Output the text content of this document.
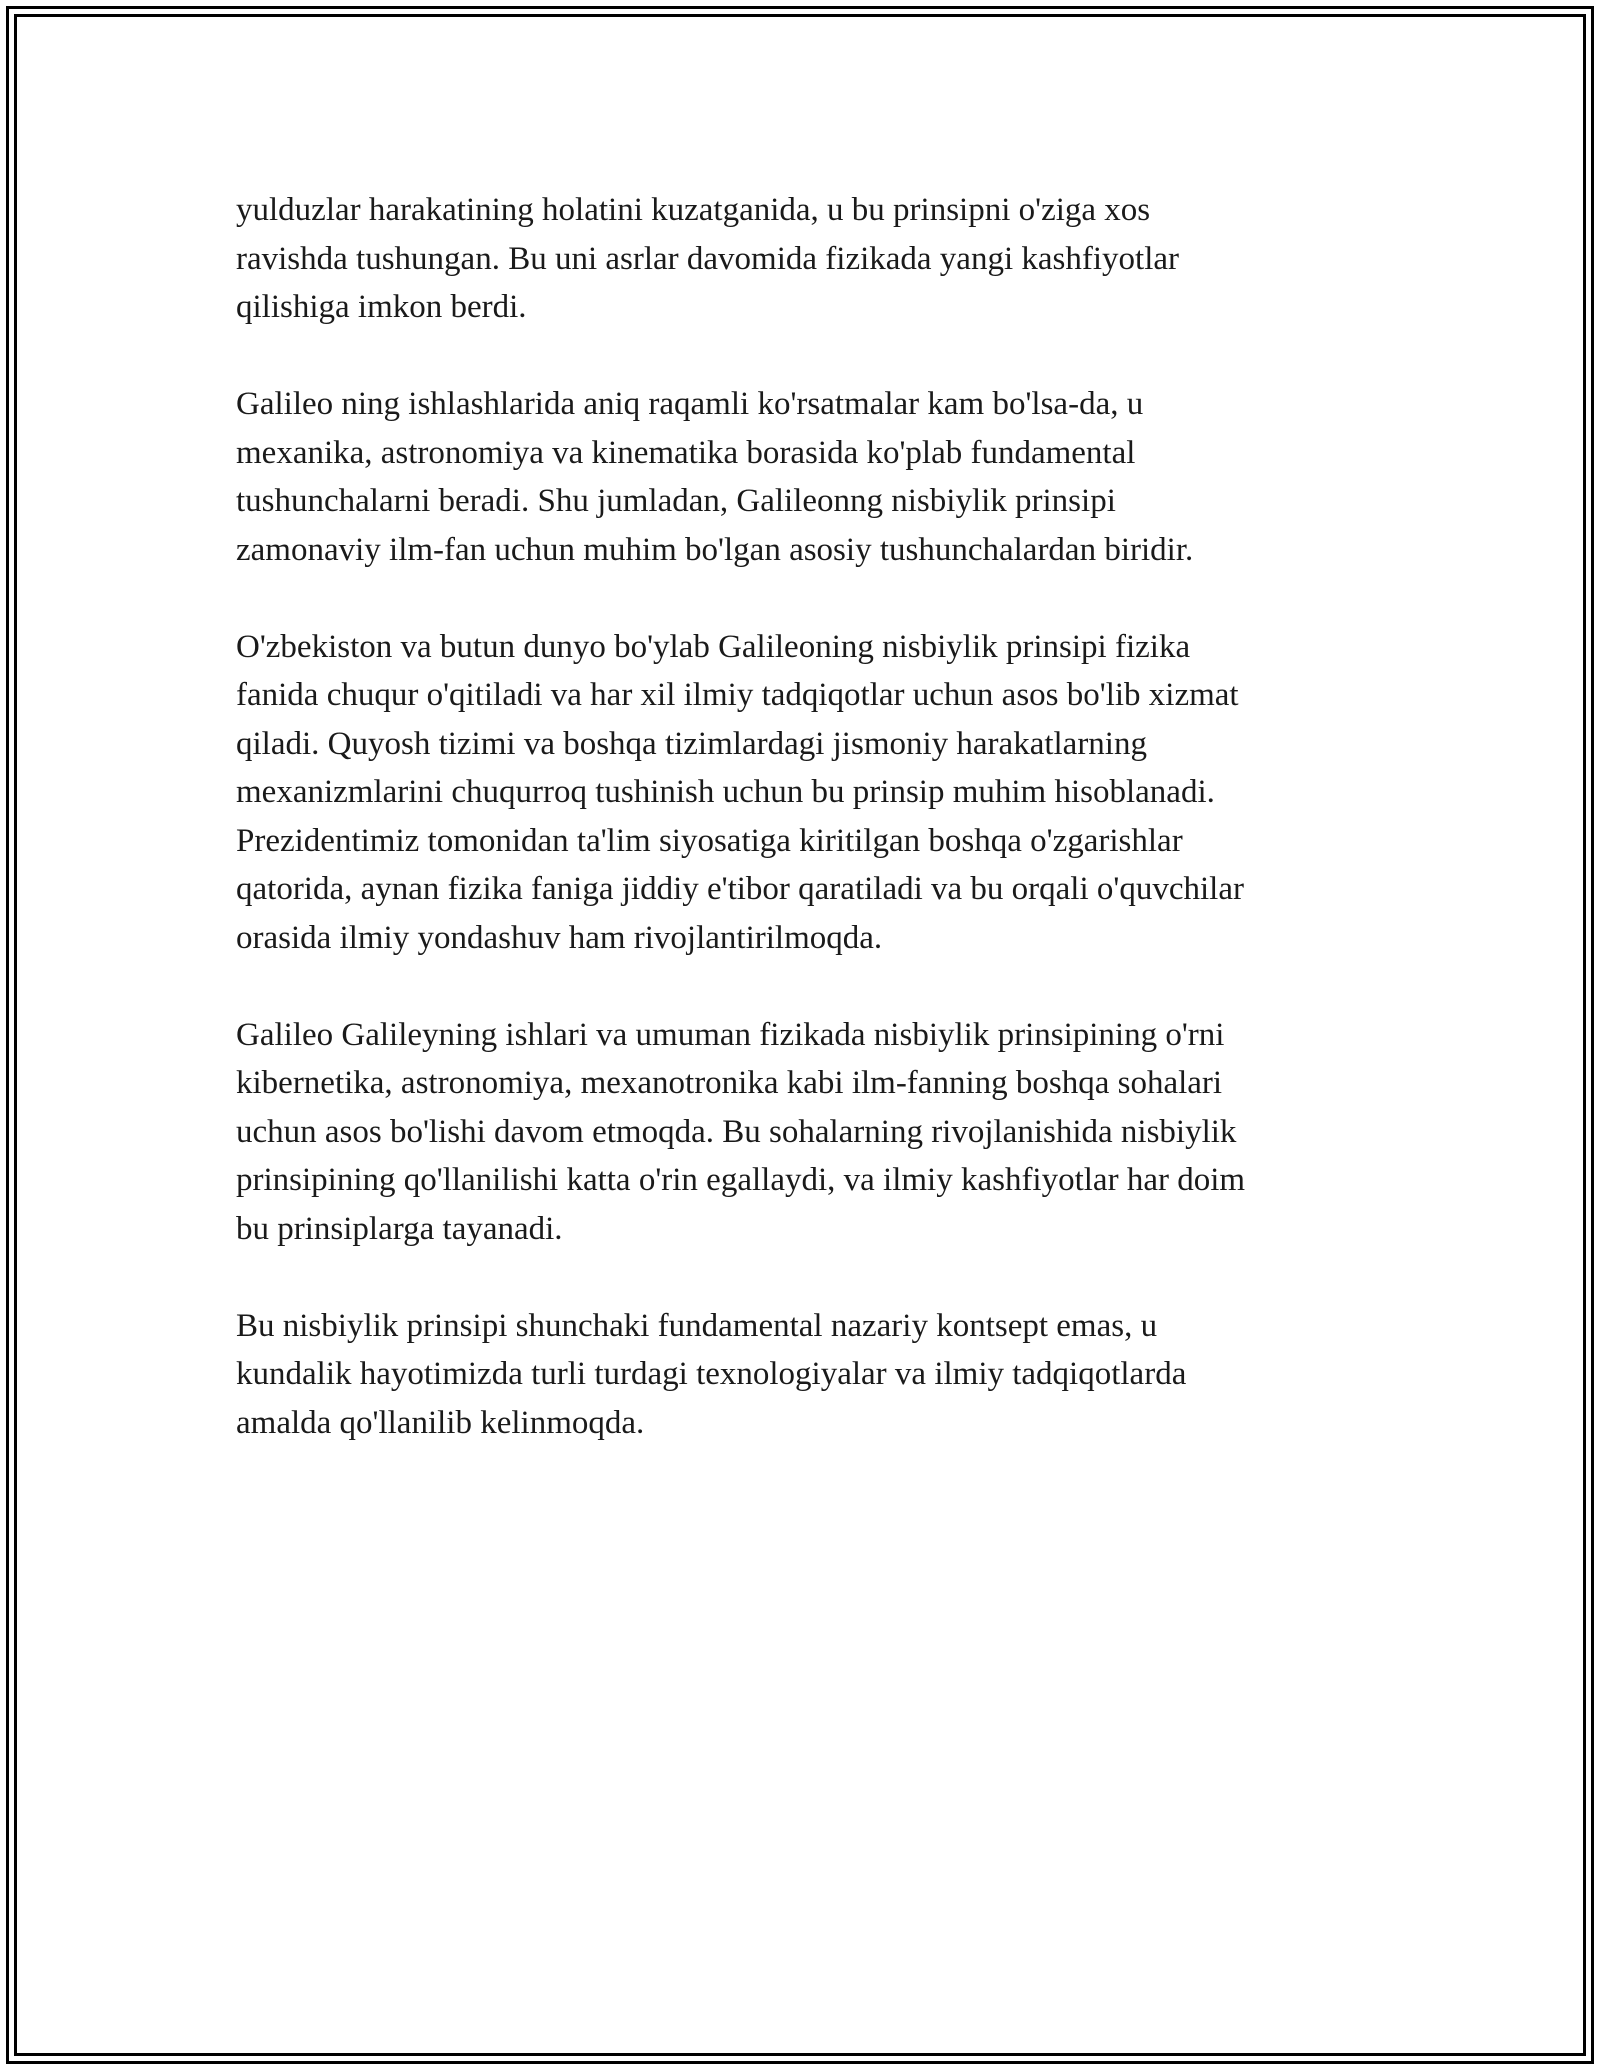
yulduzlar harakatining holatini kuzatganida, u bu prinsipni o'ziga xos
ravishda tushungan. Bu uni asrlar davomida fizikada yangi kashfiyotlar
qilishiga imkon berdi.

Galileo ning ishlashlarida aniq raqamli ko'rsatmalar kam bo'lsa-da, u
mexanika, astronomiya va kinematika borasida ko'plab fundamental
tushunchalarni beradi. Shu jumladan, Galileonng nisbiylik prinsipi
zamonaviy ilm-fan uchun muhim bo'lgan asosiy tushunchalardan biridir.

O'zbekiston va butun dunyo bo'ylab Galileoning nisbiylik prinsipi fizika
fanida chuqur o'qitiladi va har xil ilmiy tadqiqotlar uchun asos bo'lib xizmat
qiladi. Quyosh tizimi va boshqa tizimlardagi jismoniy harakatlarning
mexanizmlarini chuqurroq tushinish uchun bu prinsip muhim hisoblanadi.
Prezidentimiz tomonidan ta'lim siyosatiga kiritilgan boshqa o'zgarishlar
qatorida, aynan fizika faniga jiddiy e'tibor qaratiladi va bu orqali o'quvchilar
orasida ilmiy yondashuv ham rivojlantirilmoqda.

Galileo Galileyning ishlari va umuman fizikada nisbiylik prinsipining o'rni
kibernetika, astronomiya, mexanotronika kabi ilm-fanning boshqa sohalari
uchun asos bo'lishi davom etmoqda. Bu sohalarning rivojlanishida nisbiylik
prinsipining qo'llanilishi katta o'rin egallaydi, va ilmiy kashfiyotlar har doim
bu prinsiplarga tayanadi.

Bu nisbiylik prinsipi shunchaki fundamental nazariy kontsept emas, u
kundalik hayotimizda turli turdagi texnologiyalar va ilmiy tadqiqotlarda
amalda qo'llanilib kelinmoqda.
